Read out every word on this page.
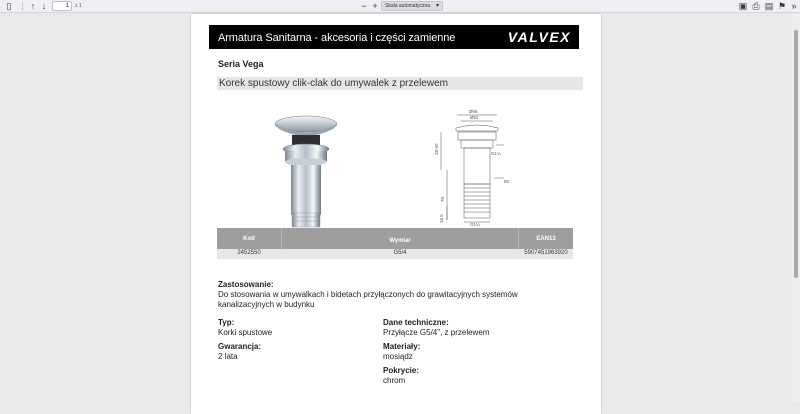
▯	↑ ↓	1	z 1	− +	Skala automatyczna ▾	▣ ⎙ ▤ ⚑ »
Armatura Sanitarna - akcesoria i części zamienne	VALVEX
Seria Vega
Korek spustowy clik-clak do umywalek z przelewem
Ø66
Ø52
18-50	G1¼
50
70
18,5
G1¼
Kod	Wymiar	EAN13
2452550	G5/4	5907451963920
Zastosowanie:
Do stosowania w umywalkach i bidetach przyłączonych do grawitacyjnych systemów
kanalizacyjnych w budynku
Typ:
Korki spustowe
Gwarancja:
2 lata
Dane techniczne:
Przyłącze G5/4", z przelewem
Materiały:
mosiądz
Pokrycie:
chrom
